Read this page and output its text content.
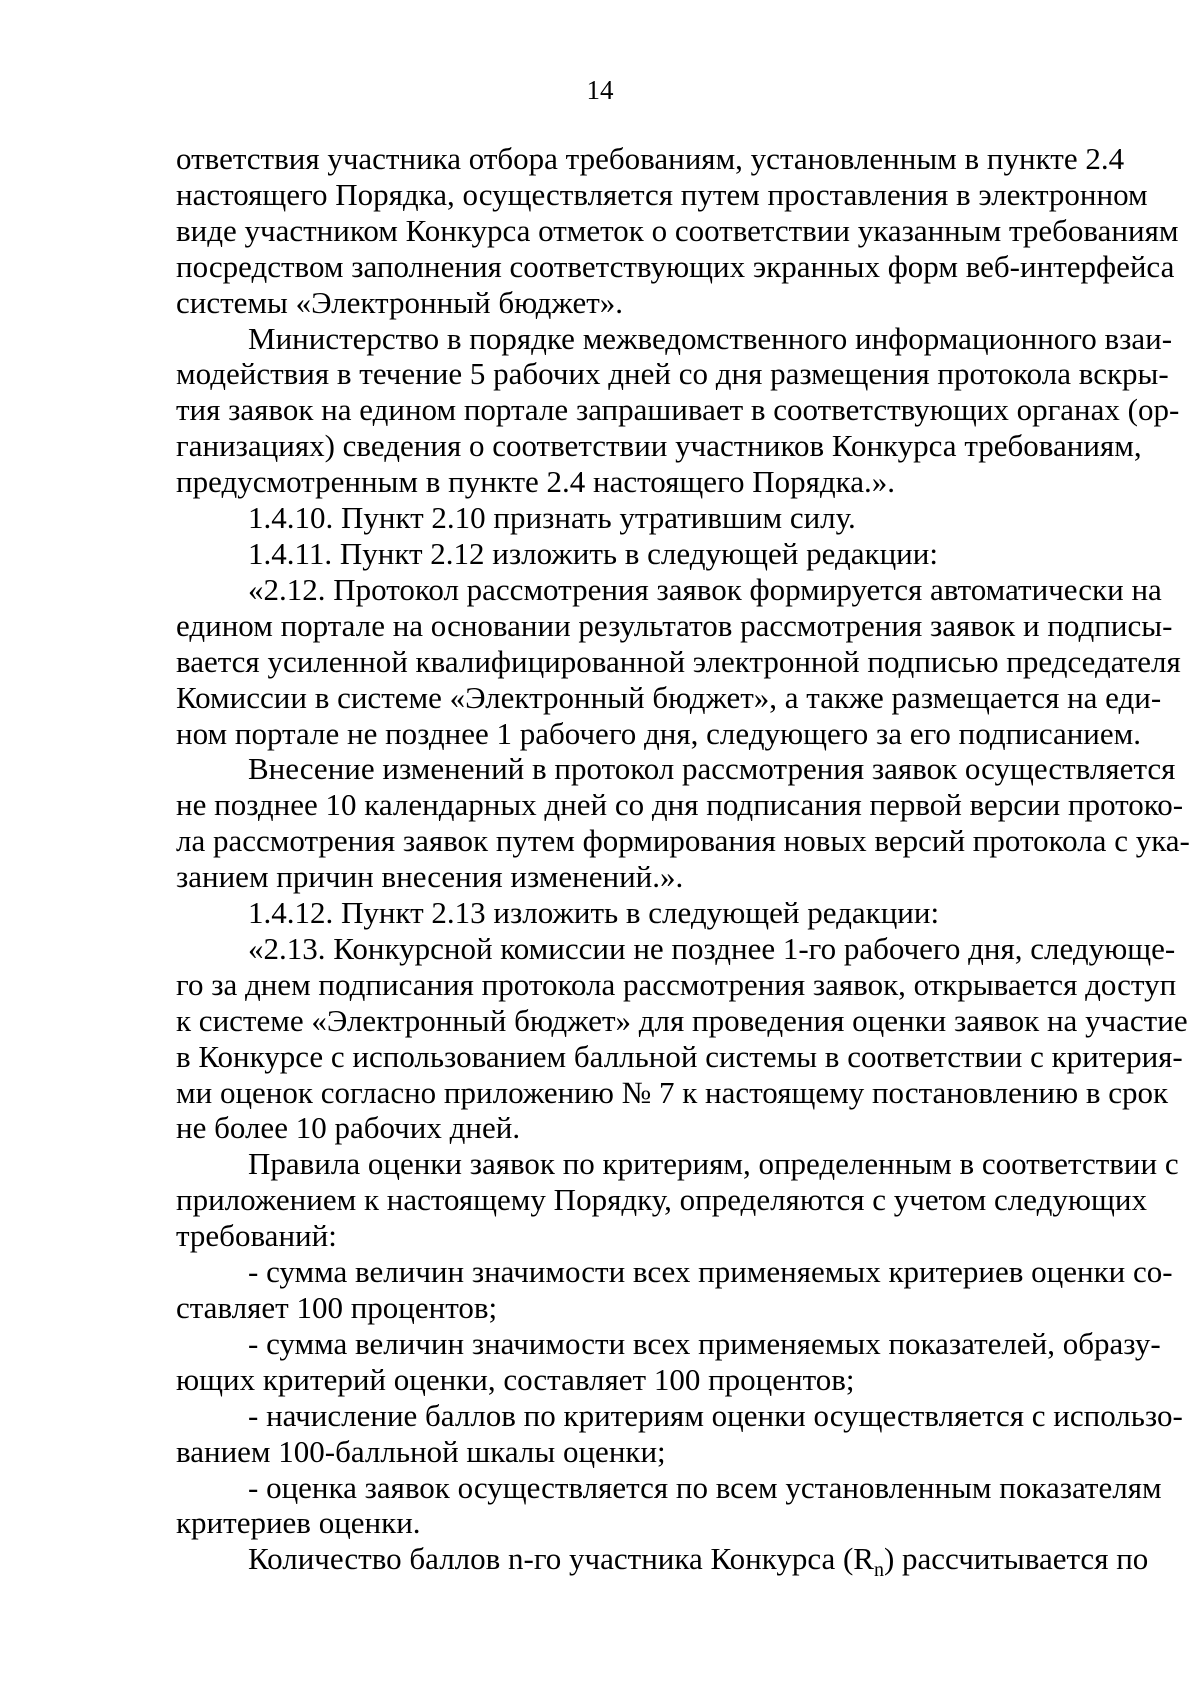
14

ответствия участника отбора требованиям, установленным в пункте 2.4
настоящего Порядка, осуществляется путем проставления в электронном
виде участником Конкурса отметок о соответствии указанным требованиям
посредством заполнения соответствующих экранных форм веб-интерфейса
системы «Электронный бюджет».

Министерство в порядке межведомственного информационного взаи-
модействия в течение 5 рабочих дней со дня размещения протокола вскры-
тия заявок на едином портале запрашивает в соответствующих органах (ор-
ганизациях) сведения о соответствии участников Конкурса требованиям,
предусмотренным в пункте 2.4 настоящего Порядка.».

1.4.10. Пункт 2.10 признать утратившим силу.

1.4.11. Пункт 2.12 изложить в следующей редакции:

«2.12. Протокол рассмотрения заявок формируется автоматически на
едином портале на основании результатов рассмотрения заявок и подписы-
вается усиленной квалифицированной электронной подписью председателя
Комиссии в системе «Электронный бюджет», а также размещается на еди-
ном портале не позднее 1 рабочего дня, следующего за его подписанием.

Внесение изменений в протокол рассмотрения заявок осуществляется
не позднее 10 календарных дней со дня подписания первой версии протоко-
ла рассмотрения заявок путем формирования новых версий протокола с ука-
занием причин внесения изменений.».

1.4.12. Пункт 2.13 изложить в следующей редакции:

«2.13. Конкурсной комиссии не позднее 1-го рабочего дня, следующе-
го за днем подписания протокола рассмотрения заявок, открывается доступ
к системе «Электронный бюджет» для проведения оценки заявок на участие
в Конкурсе с использованием балльной системы в соответствии с критерия-
ми оценок согласно приложению № 7 к настоящему постановлению в срок
не более 10 рабочих дней.

Правила оценки заявок по критериям, определенным в соответствии с
приложением к настоящему Порядку, определяются с учетом следующих
требований:

- сумма величин значимости всех применяемых критериев оценки со-
ставляет 100 процентов;

- сумма величин значимости всех применяемых показателей, образу-
ющих критерий оценки, составляет 100 процентов;

- начисление баллов по критериям оценки осуществляется с использо-
ванием 100-балльной шкалы оценки;

- оценка заявок осуществляется по всем установленным показателям
критериев оценки.

Количество баллов n-го участника Конкурса $(R_n)$ рассчитывается по
